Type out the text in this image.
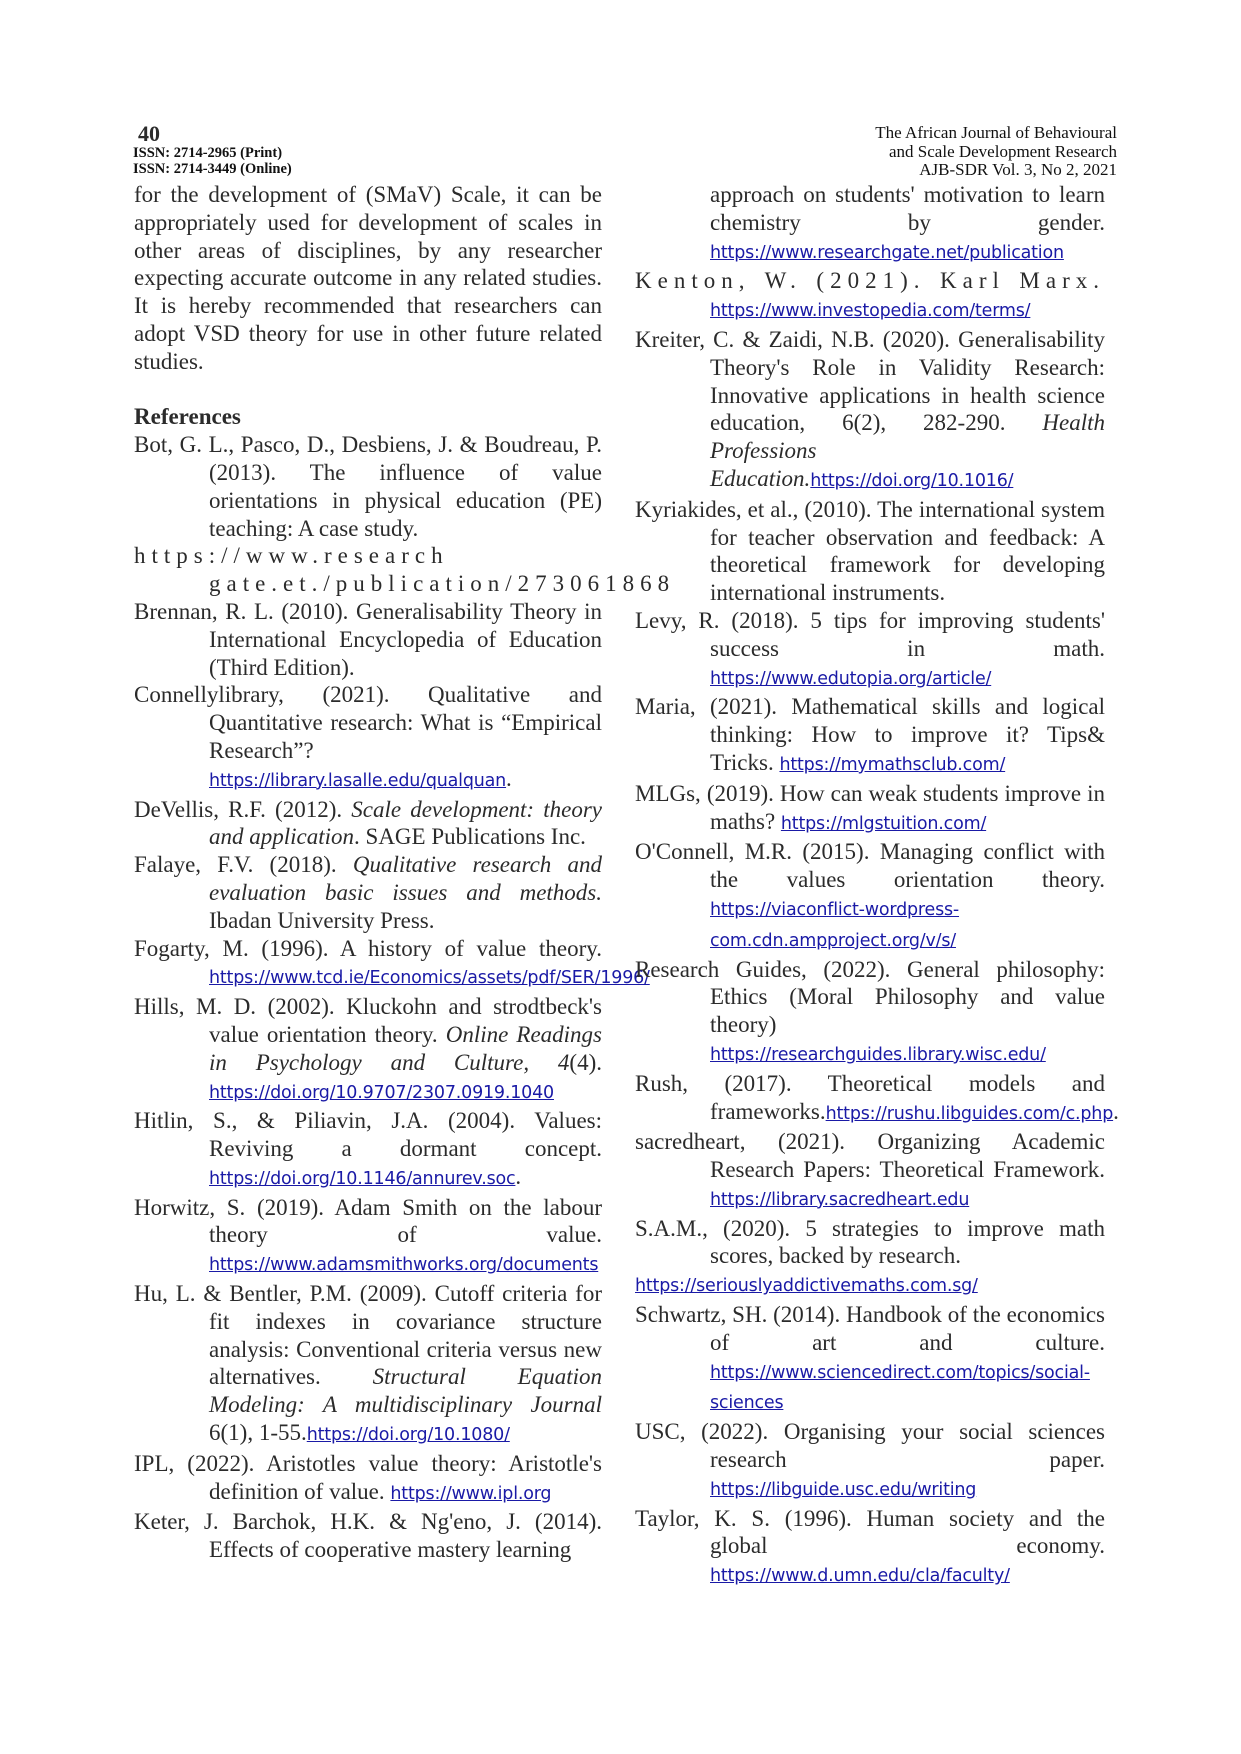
40
ISSN: 2714-2965 (Print)
ISSN: 2714-3449 (Online)
The African Journal of Behavioural
and Scale Development Research
AJB-SDR Vol. 3, No 2, 2021

for the development of (SMaV) Scale, it can be appropriately used for development of scales in other areas of disciplines, by any researcher expecting accurate outcome in any related studies. It is hereby recommended that researchers can adopt VSD theory for use in other future related studies.

References

Bot, G. L., Pasco, D., Desbiens, J. & Boudreau, P. (2013). The influence of value orientations in physical education (PE) teaching: A case study.

https://www.research gate.et./publication/273061868

Brennan, R. L. (2010). Generalisability Theory in International Encyclopedia of Education (Third Edition).

Connellylibrary, (2021). Qualitative and Quantitative research: What is “Empirical Research”? https://library.lasalle.edu/qualquan.

DeVellis, R.F. (2012). Scale development: theory and application. SAGE Publications Inc.

Falaye, F.V. (2018). Qualitative research and evaluation basic issues and methods. Ibadan University Press.

Fogarty, M. (1996). A history of value theory. https://www.tcd.ie/Economics/assets/pdf/SER/1996/

Hills, M. D. (2002). Kluckohn and strodtbeck's value orientation theory. Online Readings in Psychology and Culture, 4(4). https://doi.org/10.9707/2307.0919.1040

Hitlin, S., & Piliavin, J.A. (2004). Values: Reviving a dormant concept. https://doi.org/10.1146/annurev.soc.

Horwitz, S. (2019). Adam Smith on the labour theory of value. https://www.adamsmithworks.org/documents

Hu, L. & Bentler, P.M. (2009). Cutoff criteria for fit indexes in covariance structure analysis: Conventional criteria versus new alternatives. Structural Equation Modeling: A multidisciplinary Journal 6(1), 1-55.https://doi.org/10.1080/

IPL, (2022). Aristotles value theory: Aristotle's definition of value. https://www.ipl.org

Keter, J. Barchok, H.K. & Ng'eno, J. (2014). Effects of cooperative mastery learning

approach on students' motivation to learn chemistry by gender. https://www.researchgate.net/publication

Kenton, W. (2021). Karl Marx. https://www.investopedia.com/terms/

Kreiter, C. & Zaidi, N.B. (2020). Generalisability Theory's Role in Validity Research: Innovative applications in health science education, 6(2), 282-290. Health Professions Education.https://doi.org/10.1016/

Kyriakides, et al., (2010). The international system for teacher observation and feedback: A theoretical framework for developing international instruments.

Levy, R. (2018). 5 tips for improving students' success in math. https://www.edutopia.org/article/

Maria, (2021). Mathematical skills and logical thinking: How to improve it? Tips& Tricks. https://mymathsclub.com/

MLGs, (2019). How can weak students improve in maths? https://mlgstuition.com/

O'Connell, M.R. (2015). Managing conflict with the values orientation theory. https://viaconflict-wordpress-com.cdn.ampproject.org/v/s/

Research Guides, (2022). General philosophy: Ethics (Moral Philosophy and value theory) https://researchguides.library.wisc.edu/

Rush, (2017). Theoretical models and frameworks.https://rushu.libguides.com/c.php.

sacredheart, (2021). Organizing Academic Research Papers: Theoretical Framework. https://library.sacredheart.edu

S.A.M., (2020). 5 strategies to improve math scores, backed by research.

https://seriouslyaddictivemaths.com.sg/

Schwartz, SH. (2014). Handbook of the economics of art and culture. https://www.sciencedirect.com/topics/social-sciences

USC, (2022). Organising your social sciences research paper. https://libguide.usc.edu/writing

Taylor, K. S. (1996). Human society and the global economy. https://www.d.umn.edu/cla/faculty/
